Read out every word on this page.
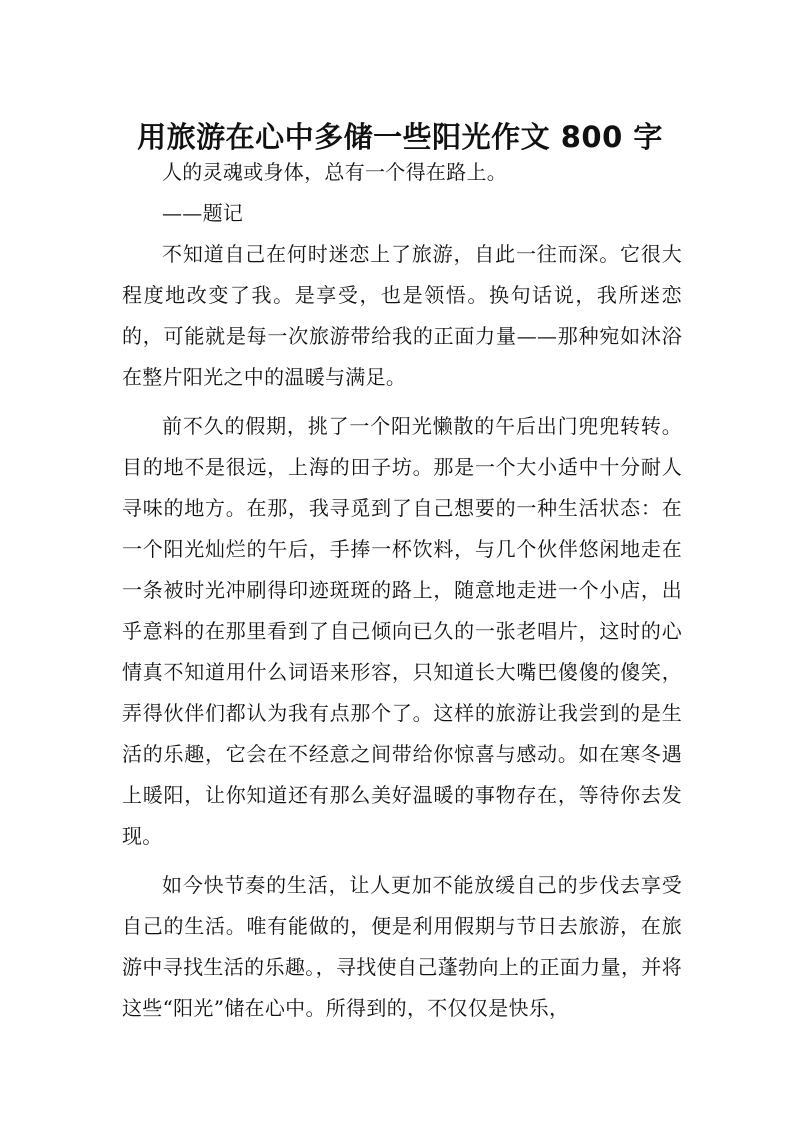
用旅游在心中多储一些阳光作文 800 字

人的灵魂或身体，总有一个得在路上。

——题记

不知道自己在何时迷恋上了旅游，自此一往而深。它很大程度地改变了我。是享受，也是领悟。换句话说，我所迷恋的，可能就是每一次旅游带给我的正面力量——那种宛如沐浴在整片阳光之中的温暖与满足。

前不久的假期，挑了一个阳光懒散的午后出门兜兜转转。目的地不是很远，上海的田子坊。那是一个大小适中十分耐人寻味的地方。在那，我寻觅到了自己想要的一种生活状态：在一个阳光灿烂的午后，手捧一杯饮料，与几个伙伴悠闲地走在一条被时光冲刷得印迹斑斑的路上，随意地走进一个小店，出乎意料的在那里看到了自己倾向已久的一张老唱片，这时的心情真不知道用什么词语来形容，只知道长大嘴巴傻傻的傻笑，弄得伙伴们都认为我有点那个了。这样的旅游让我尝到的是生活的乐趣，它会在不经意之间带给你惊喜与感动。如在寒冬遇上暖阳，让你知道还有那么美好温暖的事物存在，等待你去发现。

如今快节奏的生活，让人更加不能放缓自己的步伐去享受自己的生活。唯有能做的，便是利用假期与节日去旅游，在旅游中寻找生活的乐趣。，寻找使自己蓬勃向上的正面力量，并将这些“阳光”储在心中。所得到的，不仅仅是快乐，
